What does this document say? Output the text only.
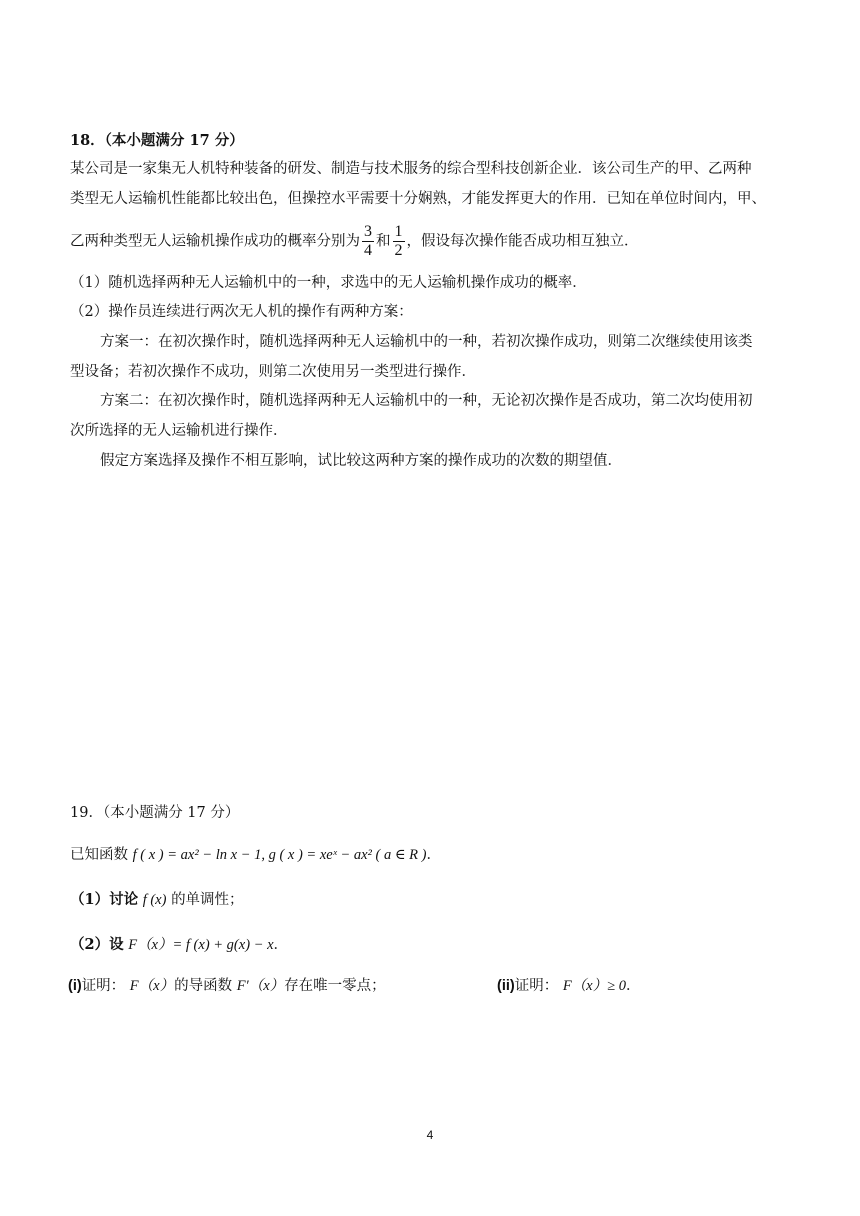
18．（本小题满分 17 分）
某公司是一家集无人机特种装备的研发、制造与技术服务的综合型科技创新企业．该公司生产的甲、乙两种
类型无人运输机性能都比较出色，但操控水平需要十分娴熟，才能发挥更大的作用．已知在单位时间内，甲、
乙两种类型无人运输机操作成功的概率分别为 $\frac{3}{4}$ 和 $\frac{1}{2}$ ，假设每次操作能否成功相互独立．
（1）随机选择两种无人运输机中的一种，求选中的无人运输机操作成功的概率．
（2）操作员连续进行两次无人机的操作有两种方案：
方案一：在初次操作时，随机选择两种无人运输机中的一种，若初次操作成功，则第二次继续使用该类
型设备；若初次操作不成功，则第二次使用另一类型进行操作．
方案二：在初次操作时，随机选择两种无人运输机中的一种，无论初次操作是否成功，第二次均使用初
次所选择的无人运输机进行操作．
假定方案选择及操作不相互影响，试比较这两种方案的操作成功的次数的期望值．
19．（本小题满分 17 分）
已知函数 f ( x ) = ax² − ln x − 1, g ( x ) = xeˣ − ax² ( a ∈ R )．
（1）讨论 f (x) 的单调性；
（2）设 F（x）= f (x) + g(x) − x．
(i)证明： F（x）的导函数 F′（x）存在唯一零点；	(ii)证明： F（x）≥ 0．
4
